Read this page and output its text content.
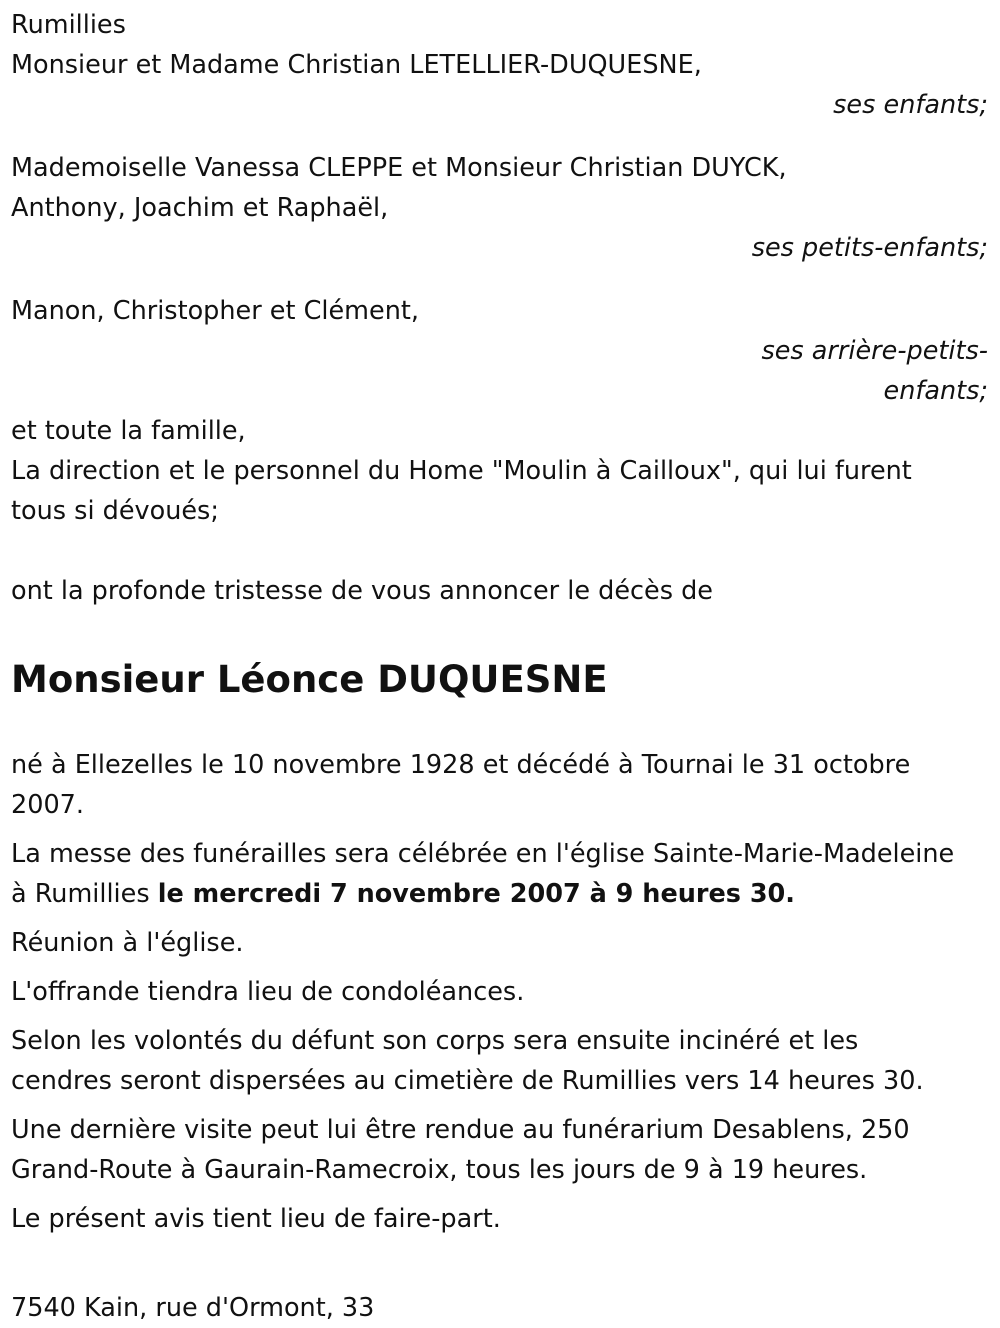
Rumillies
Monsieur et Madame Christian LETELLIER-DUQUESNE,
ses enfants;
Mademoiselle Vanessa CLEPPE et Monsieur Christian DUYCK,
Anthony, Joachim et Raphaël,
ses petits-enfants;
Manon, Christopher et Clément,
ses arrière-petits-
enfants;
et toute la famille,
La direction et le personnel du Home "Moulin à Cailloux", qui lui furent
tous si dévoués;
ont la profonde tristesse de vous annoncer le décès de
Monsieur Léonce DUQUESNE
né à Ellezelles le 10 novembre 1928 et décédé à Tournai le 31 octobre
2007.
La messe des funérailles sera célébrée en l'église Sainte-Marie-Madeleine
à Rumillies le mercredi 7 novembre 2007 à 9 heures 30.
Réunion à l'église.
L'offrande tiendra lieu de condoléances.
Selon les volontés du défunt son corps sera ensuite incinéré et les
cendres seront dispersées au cimetière de Rumillies vers 14 heures 30.
Une dernière visite peut lui être rendue au funérarium Desablens, 250
Grand-Route à Gaurain-Ramecroix, tous les jours de 9 à 19 heures.
Le présent avis tient lieu de faire-part.
7540 Kain, rue d'Ormont, 33
